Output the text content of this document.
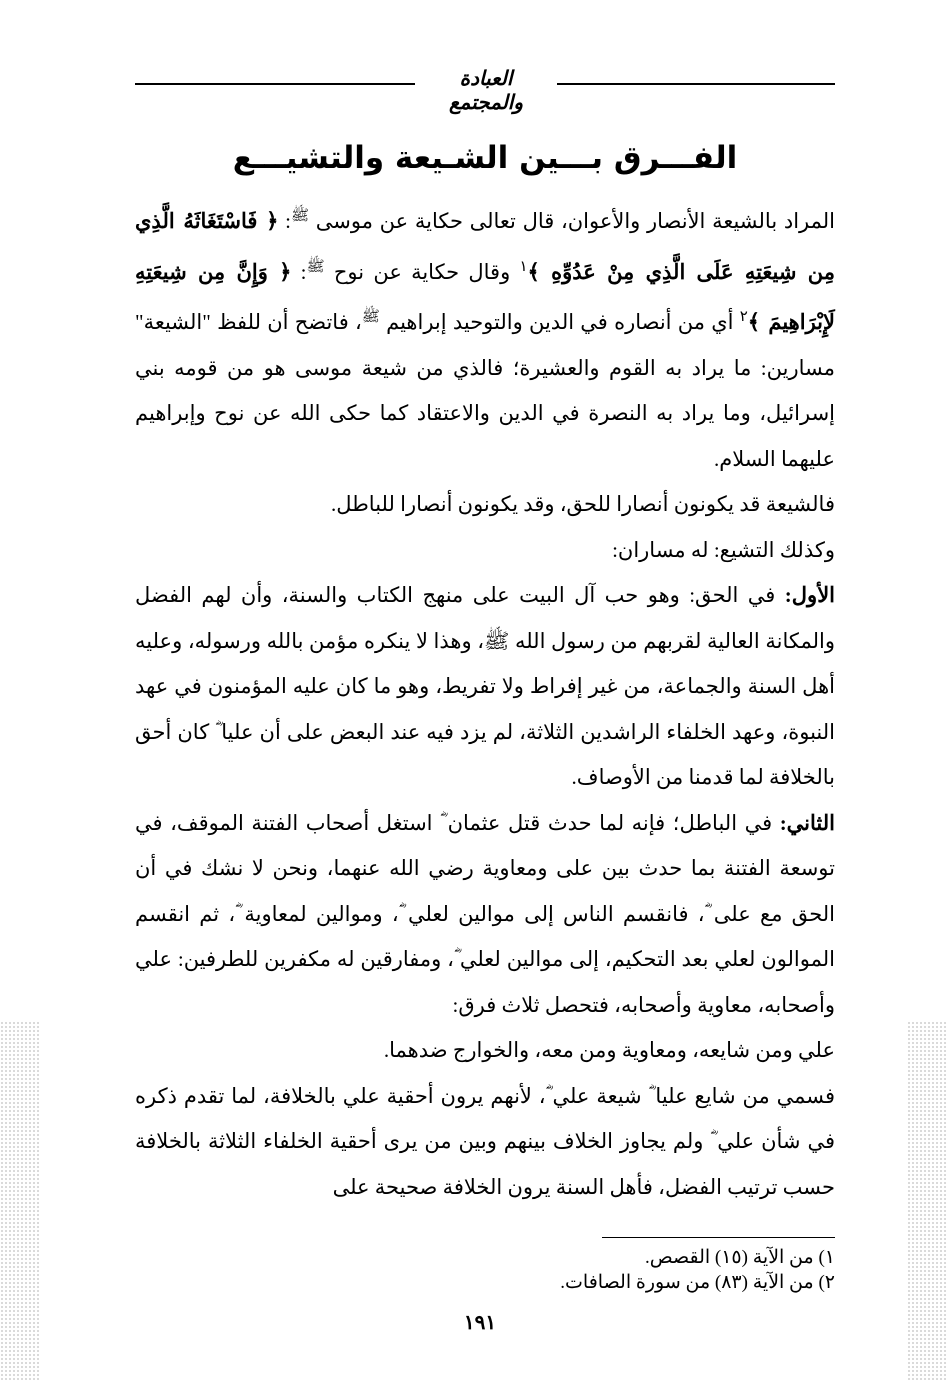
العبادة والمجتمع
الفـــرق بـــين الشـيعة والتشيـــع

المراد بالشيعة الأنصار والأعوان، قال تعالى حكاية عن موسى $^ﷺ$: ﴿ فَاسْتَغَاثَهُ الَّذِي مِن شِيعَتِهِ عَلَى الَّذِي مِنْ عَدُوِّهِ ﴾$^١$ وقال حكاية عن نوح $^ﷺ$: ﴿ وَإِنَّ مِن شِيعَتِهِ لَإِبْرَاهِيمَ ﴾$^٢$ أي من أنصاره في الدين والتوحيد إبراهيم $^ﷺ$، فاتضح أن للفظ "الشيعة" مسارين: ما يراد به القوم والعشيرة؛ فالذي من شيعة موسى هو من قومه بني إسرائيل، وما يراد به النصرة في الدين والاعتقاد كما حكى الله عن نوح وإبراهيم عليهما السلام.

فالشيعة قد يكونون أنصارا للحق، وقد يكونون أنصارا للباطل.

وكذلك التشيع: له مساران:

الأول: في الحق: وهو حب آل البيت على منهج الكتاب والسنة، وأن لهم الفضل والمكانة العالية لقربهم من رسول الله ﷺ، وهذا لا ينكره مؤمن بالله ورسوله، وعليه أهل السنة والجماعة، من غير إفراط ولا تفريط، وهو ما كان عليه المؤمنون في عهد النبوة، وعهد الخلفاء الراشدين الثلاثة، لم يزد فيه عند البعض على أن عليا ؓ كان أحق بالخلافة لما قدمنا من الأوصاف.

الثاني: في الباطل؛ فإنه لما حدث قتل عثمان ؓ استغل أصحاب الفتنة الموقف، في توسعة الفتنة بما حدث بين على ومعاوية رضي الله عنهما، ونحن لا نشك في أن الحق مع على ؓ، فانقسم الناس إلى موالين لعلي ؓ، وموالين لمعاوية ؓ، ثم انقسم الموالون لعلي بعد التحكيم، إلى موالين لعلي ؓ، ومفارقين له مكفرين للطرفين: علي وأصحابه، معاوية وأصحابه، فتحصل ثلاث فرق:

علي ومن شايعه، ومعاوية ومن معه، والخوارج ضدهما.

فسمي من شايع عليا ؓ شيعة علي ؓ، لأنهم يرون أحقية علي بالخلافة، لما تقدم ذكره في شأن علي ؓ ولم يجاوز الخلاف بينهم وبين من يرى أحقية الخلفاء الثلاثة بالخلافة حسب ترتيب الفضل، فأهل السنة يرون الخلافة صحيحة على

١) من الآية (١٥) القصص.
٢) من الآية (٨٣) من سورة الصافات.
١٩١
